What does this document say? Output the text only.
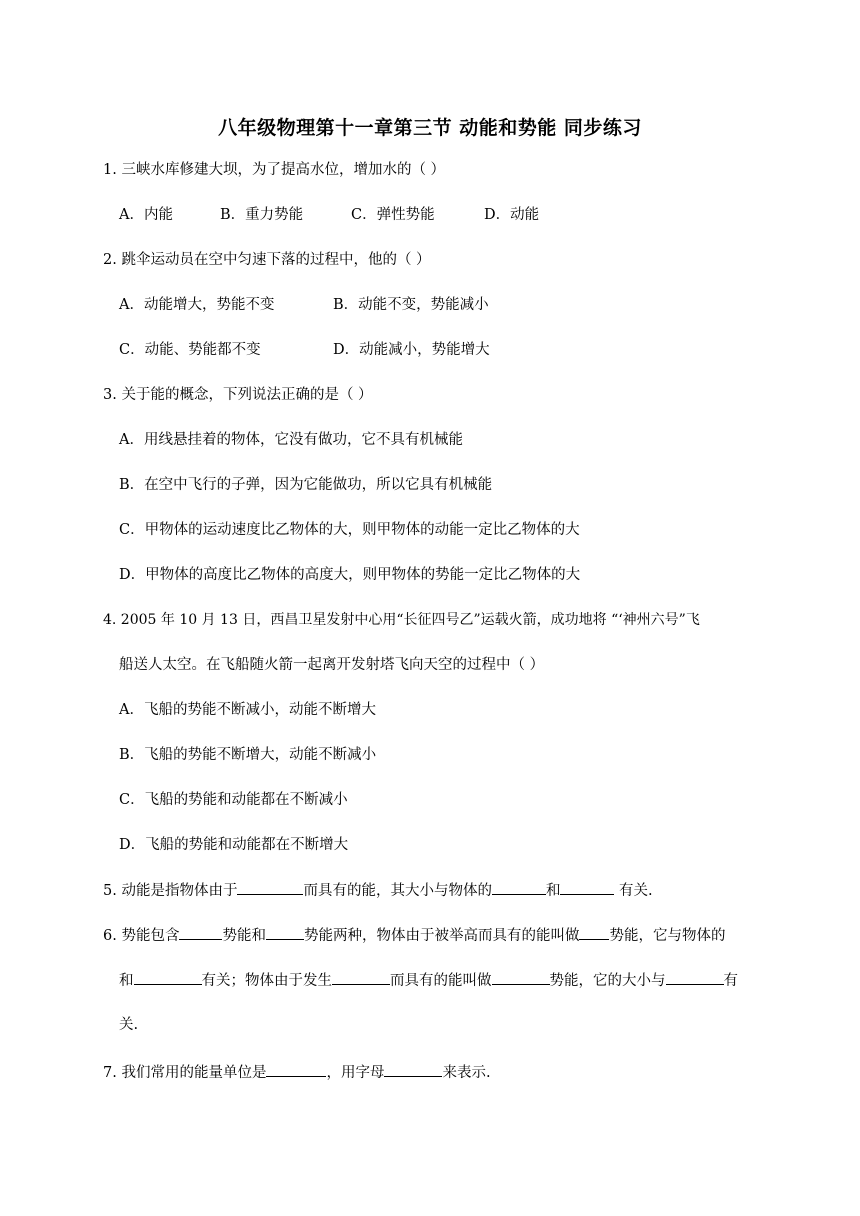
八年级物理第十一章第三节 动能和势能 同步练习
1. 三峡水库修建大坝，为了提高水位，增加水的（ ）
A．内能	B．重力势能	C．弹性势能	D．动能
2. 跳伞运动员在空中匀速下落的过程中，他的（ ）
A．动能增大，势能不变	B．动能不变，势能减小
C．动能、势能都不变	D．动能减小，势能增大
3. 关于能的概念，下列说法正确的是（ ）
A．用线悬挂着的物体，它没有做功，它不具有机械能
B．在空中飞行的子弹，因为它能做功，所以它具有机械能
C．甲物体的运动速度比乙物体的大，则甲物体的动能一定比乙物体的大
D．甲物体的高度比乙物体的高度大，则甲物体的势能一定比乙物体的大
4. 2005 年 10 月 13 日，西昌卫星发射中心用“长征四号乙”运载火箭，成功地将 “‘神州六号”飞
船送人太空。在飞船随火箭一起离开发射塔飞向天空的过程中（ ）
A．飞船的势能不断减小，动能不断增大
B．飞船的势能不断增大，动能不断减小
C．飞船的势能和动能都在不断减小
D．飞船的势能和动能都在不断增大
5. 动能是指物体由于	而具有的能，其大小与物体的	和	有关.
6. 势能包含	势能和	势能两种，物体由于被举高而具有的能叫做 势能，它与物体的
和	有关；物体由于发生	而具有的能叫做	势能，它的大小与	有
关.
7. 我们常用的能量单位是	，用字母	来表示.
